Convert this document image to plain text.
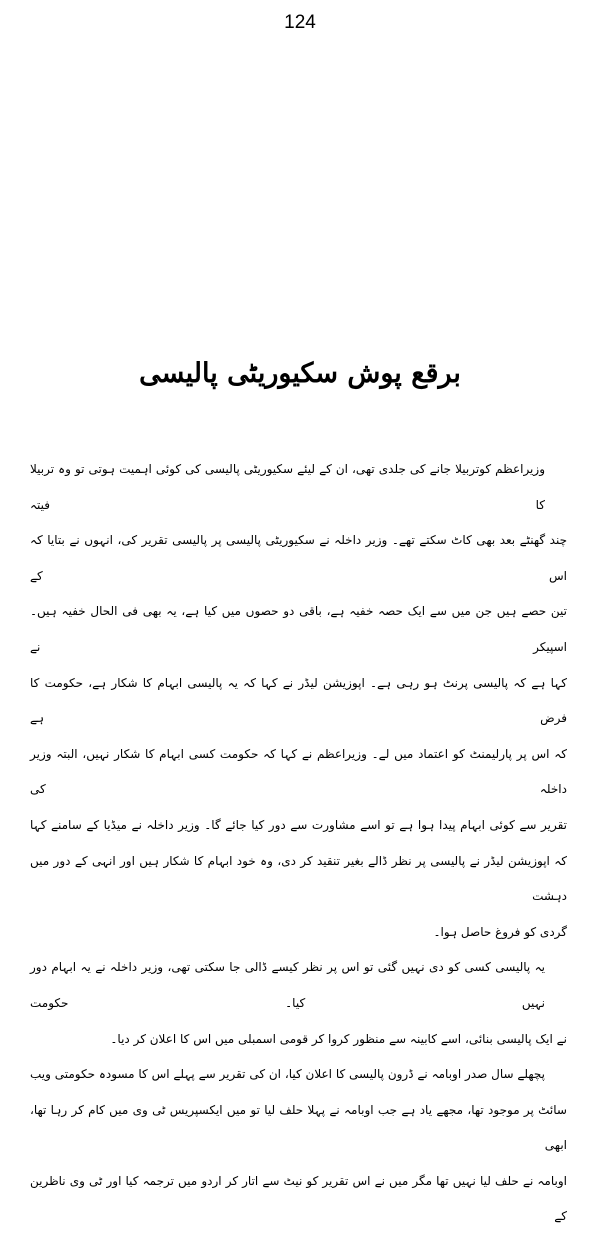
124
برقع پوش سکیوریٹی پالیسی
وزیراعظم کوتربیلا جانے کی جلدی تھی، ان کے لیئے سکیوریٹی پالیسی کی کوئی اہمیت ہوتی تو وہ تربیلا کا فیتہ
چند گھنٹے بعد بھی کاٹ سکتے تھے۔ وزیر داخلہ نے سکیوریٹی پالیسی پر پالیسی تقریر کی، انہوں نے بتایا کہ اس کے
تین حصے ہیں جن میں سے ایک حصہ خفیہ ہے، باقی دو حصوں میں کیا ہے، یہ بھی فی الحال خفیہ ہیں۔ اسپیکر نے
کہا ہے کہ پالیسی پرنٹ ہو رہی ہے۔ اپوزیشن لیڈر نے کہا کہ یہ پالیسی ابہام کا شکار ہے، حکومت کا فرض ہے
کہ اس پر پارلیمنٹ کو اعتماد میں لے۔ وزیراعظم نے کہا کہ حکومت کسی ابہام کا شکار نہیں، البتہ وزیر داخلہ کی
تقریر سے کوئی ابہام پیدا ہوا ہے تو اسے مشاورت سے دور کیا جائے گا۔ وزیر داخلہ نے میڈیا کے سامنے کہا
کہ اپوزیشن لیڈر نے پالیسی پر نظر ڈالے بغیر تنقید کر دی، وہ خود ابہام کا شکار ہیں اور انہی کے دور میں دہشت
گردی کو فروغ حاصل ہوا۔
یہ پالیسی کسی کو دی نہیں گئی تو اس پر نظر کیسے ڈالی جا سکتی تھی، وزیر داخلہ نے یہ ابہام دور نہیں کیا۔ حکومت
نے ایک پالیسی بنائی، اسے کابینہ سے منظور کروا کر قومی اسمبلی میں اس کا اعلان کر دیا۔
پچھلے سال صدر اوبامہ نے ڈرون پالیسی کا اعلان کیا، ان کی تقریر سے پہلے اس کا مسودہ حکومتی ویب
سائٹ پر موجود تھا، مجھے یاد ہے جب اوبامہ نے پہلا حلف لیا تو میں ایکسپریس ٹی وی میں کام کر رہا تھا، ابھی
اوبامہ نے حلف لیا نہیں تھا مگر میں نے اس تقریر کو نیٹ سے اتار کر اردو میں ترجمہ کیا اور ٹی وی ناظرین کے
